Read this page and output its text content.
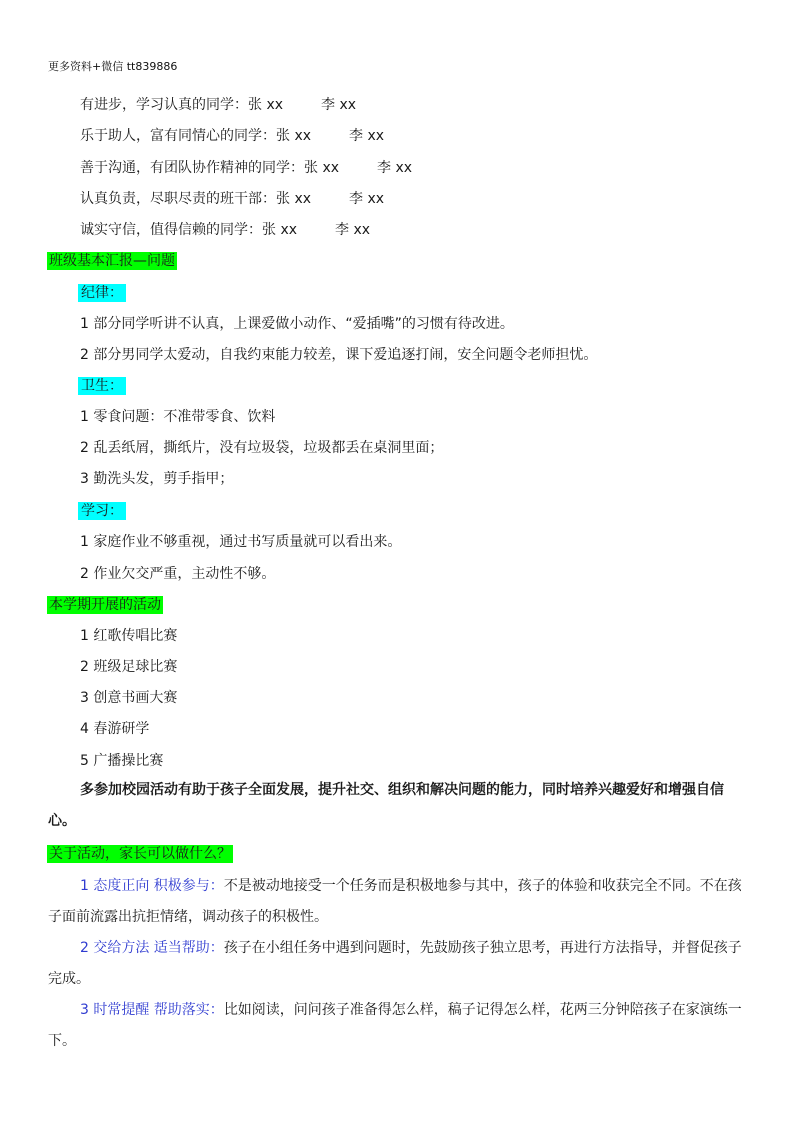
更多资料+微信 tt839886
有进步，学习认真的同学：张 xx	李 xx
乐于助人，富有同情心的同学：张 xx	李 xx
善于沟通，有团队协作精神的同学：张 xx	李 xx
认真负责，尽职尽责的班干部：张 xx	李 xx
诚实守信，值得信赖的同学：张 xx	李 xx
班级基本汇报—问题
纪律：
1 部分同学听讲不认真，上课爱做小动作、“爱插嘴”的习惯有待改进。
2 部分男同学太爱动，自我约束能力较差，课下爱追逐打闹，安全问题令老师担忧。
卫生：
1 零食问题：不准带零食、饮料
2 乱丢纸屑，撕纸片，没有垃圾袋，垃圾都丢在桌洞里面；
3 勤洗头发，剪手指甲；
学习：
1 家庭作业不够重视，通过书写质量就可以看出来。
2 作业欠交严重，主动性不够。
本学期开展的活动
1 红歌传唱比赛
2 班级足球比赛
3 创意书画大赛
4 春游研学
5 广播操比赛
多参加校园活动有助于孩子全面发展，提升社交、组织和解决问题的能力，同时培养兴趣爱好和增强自信心。
关于活动，家长可以做什么？
1 态度正向 积极参与：不是被动地接受一个任务而是积极地参与其中，孩子的体验和收获完全不同。不在孩子面前流露出抗拒情绪，调动孩子的积极性。
2 交给方法 适当帮助：孩子在小组任务中遇到问题时，先鼓励孩子独立思考，再进行方法指导，并督促孩子完成。
3 时常提醒 帮助落实：比如阅读，问问孩子准备得怎么样，稿子记得怎么样，花两三分钟陪孩子在家演练一下。
